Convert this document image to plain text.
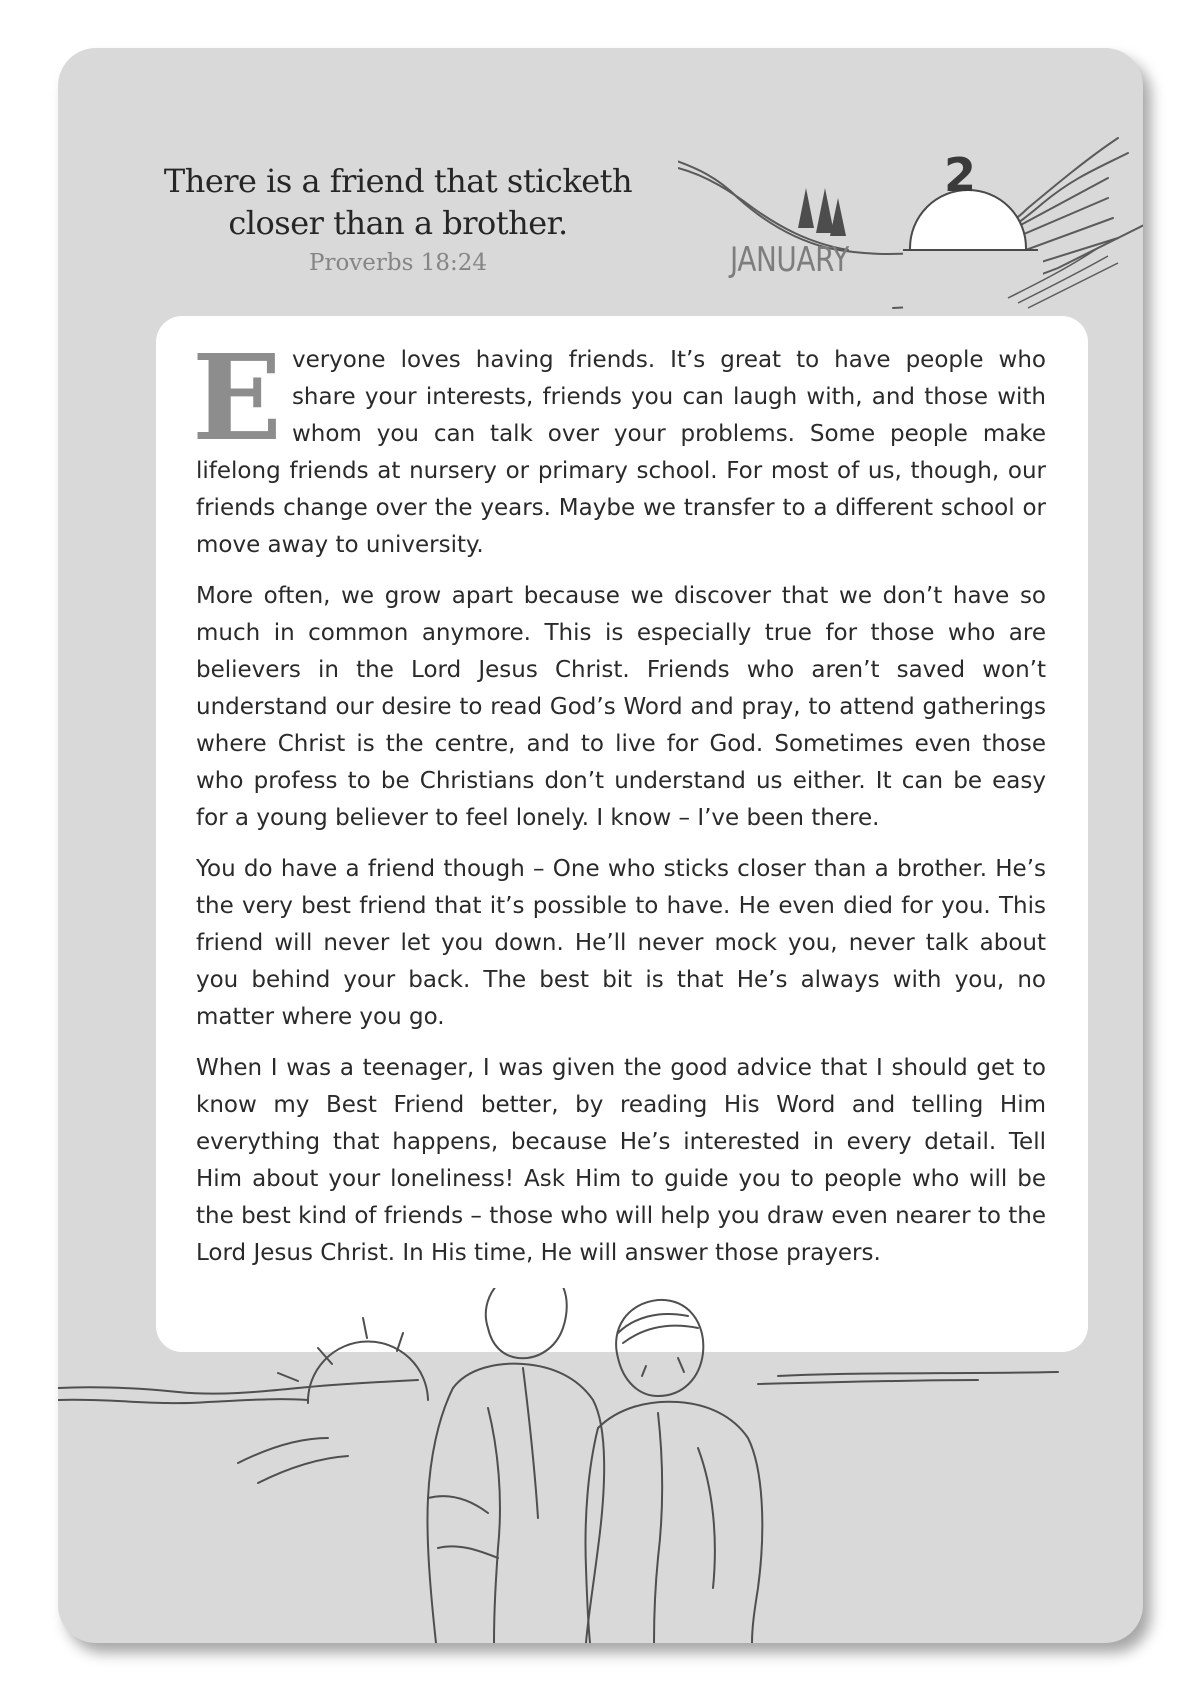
There is a friend that sticketh
closer than a brother.
Proverbs 18:24	JANUARY
2

Everyone loves having friends. It’s great to have people who share your interests, friends you can laugh with, and those with whom you can talk over your problems. Some people make lifelong friends at nursery or primary school. For most of us, though, our friends change over the years. Maybe we transfer to a different school or move away to university.

More often, we grow apart because we discover that we don’t have so much in common anymore. This is especially true for those who are believers in the Lord Jesus Christ. Friends who aren’t saved won’t understand our desire to read God’s Word and pray, to attend gatherings where Christ is the centre, and to live for God. Sometimes even those who profess to be Christians don’t understand us either. It can be easy for a young believer to feel lonely. I know – I’ve been there.

You do have a friend though – One who sticks closer than a brother. He’s the very best friend that it’s possible to have. He even died for you. This friend will never let you down. He’ll never mock you, never talk about you behind your back. The best bit is that He’s always with you, no matter where you go.

When I was a teenager, I was given the good advice that I should get to know my Best Friend better, by reading His Word and telling Him everything that happens, because He’s interested in every detail. Tell Him about your loneliness! Ask Him to guide you to people who will be the best kind of friends – those who will help you draw even nearer to the Lord Jesus Christ. In His time, He will answer those prayers.
